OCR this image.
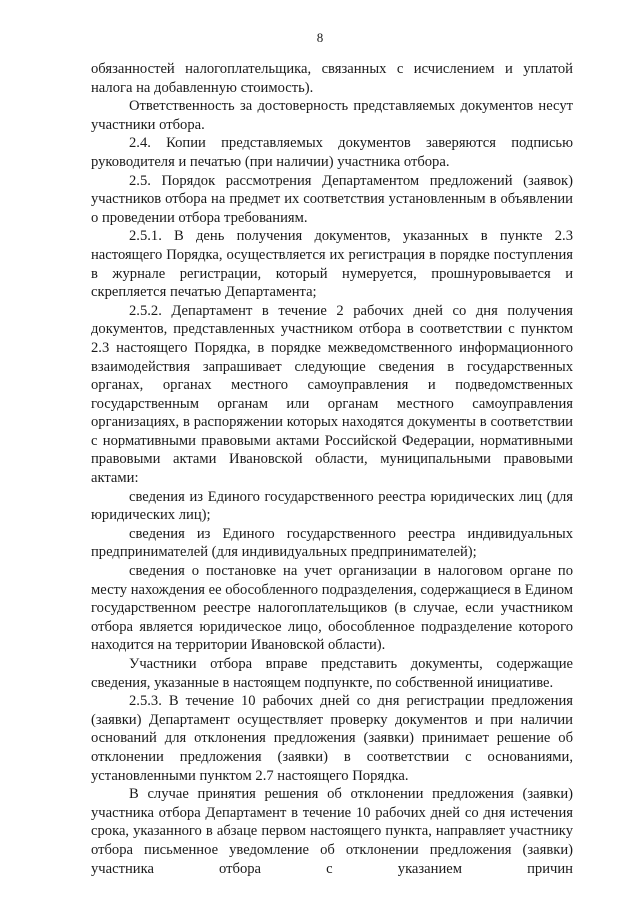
8

обязанностей налогоплательщика, связанных с исчислением и уплатой налога на добавленную стоимость).

Ответственность за достоверность представляемых документов несут участники отбора.

2.4. Копии представляемых документов заверяются подписью руководителя и печатью (при наличии) участника отбора.

2.5. Порядок рассмотрения Департаментом предложений (заявок) участников отбора на предмет их соответствия установленным в объявлении о проведении отбора требованиям.

2.5.1. В день получения документов, указанных в пункте 2.3 настоящего Порядка, осуществляется их регистрация в порядке поступления в журнале регистрации, который нумеруется, прошнуровывается и скрепляется печатью Департамента;

2.5.2. Департамент в течение 2 рабочих дней со дня получения документов, представленных участником отбора в соответствии с пунктом 2.3 настоящего Порядка, в порядке межведомственного информационного взаимодействия запрашивает следующие сведения в государственных органах, органах местного самоуправления и подведомственных государственным органам или органам местного самоуправления организациях, в распоряжении которых находятся документы в соответствии с нормативными правовыми актами Российской Федерации, нормативными правовыми актами Ивановской области, муниципальными правовыми актами:

сведения из Единого государственного реестра юридических лиц (для юридических лиц);

сведения из Единого государственного реестра индивидуальных предпринимателей (для индивидуальных предпринимателей);

сведения о постановке на учет организации в налоговом органе по месту нахождения ее обособленного подразделения, содержащиеся в Едином государственном реестре налогоплательщиков (в случае, если участником отбора является юридическое лицо, обособленное подразделение которого находится на территории Ивановской области).

Участники отбора вправе представить документы, содержащие сведения, указанные в настоящем подпункте, по собственной инициативе.

2.5.3. В течение 10 рабочих дней со дня регистрации предложения (заявки) Департамент осуществляет проверку документов и при наличии оснований для отклонения предложения (заявки) принимает решение об отклонении предложения (заявки) в соответствии с основаниями, установленными пунктом 2.7 настоящего Порядка.

В случае принятия решения об отклонении предложения (заявки) участника отбора Департамент в течение 10 рабочих дней со дня истечения срока, указанного в абзаце первом настоящего пункта, направляет участнику отбора письменное уведомление об отклонении предложения (заявки) участника отбора с указанием причин
